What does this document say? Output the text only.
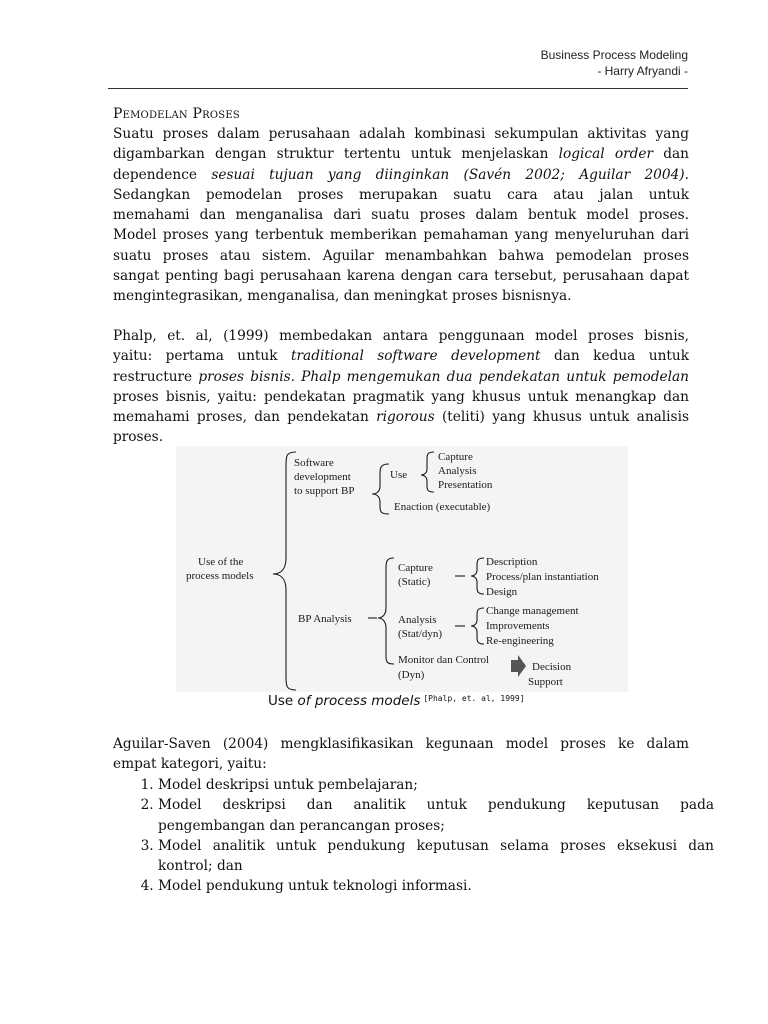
Business Process Modeling
- Harry Afryandi -
Pemodelan Proses
Suatu proses dalam perusahaan adalah kombinasi sekumpulan aktivitas yang
digambarkan dengan struktur tertentu untuk menjelaskan logical order dan
dependence sesuai tujuan yang diinginkan (Savén 2002; Aguilar 2004).
Sedangkan pemodelan proses merupakan suatu cara atau jalan untuk
memahami dan menganalisa dari suatu proses dalam bentuk model proses.
Model proses yang terbentuk memberikan pemahaman yang menyeluruhan dari
suatu proses atau sistem. Aguilar menambahkan bahwa pemodelan proses
sangat penting bagi perusahaan karena dengan cara tersebut, perusahaan dapat
mengintegrasikan, menganalisa, dan meningkat proses bisnisnya.
Phalp, et. al, (1999) membedakan antara penggunaan model proses bisnis,
yaitu: pertama untuk traditional software development dan kedua untuk
restructure proses bisnis. Phalp mengemukan dua pendekatan untuk pemodelan
proses bisnis, yaitu: pendekatan pragmatik yang khusus untuk menangkap dan
memahami proses, dan pendekatan rigorous (teliti) yang khusus untuk analisis
proses.
Use of the
process models
Software
development
to support BP
Use
Capture
Analysis
Presentation
Enaction (executable)
BP Analysis
Capture
(Static)
Description
Process/plan instantiation
Design
Analysis
(Stat/dyn)
Change management
Improvements
Re-engineering
Monitor dan Control
(Dyn)
Decision
Support
Use of process models [Phalp, et. al, 1999]
Aguilar-Saven (2004) mengklasifikasikan kegunaan model proses ke dalam
empat kategori, yaitu:
1. Model deskripsi untuk pembelajaran;
2. Model deskripsi dan analitik untuk pendukung keputusan pada
pengembangan dan perancangan proses;
3. Model analitik untuk pendukung keputusan selama proses eksekusi dan
kontrol; dan
4. Model pendukung untuk teknologi informasi.
